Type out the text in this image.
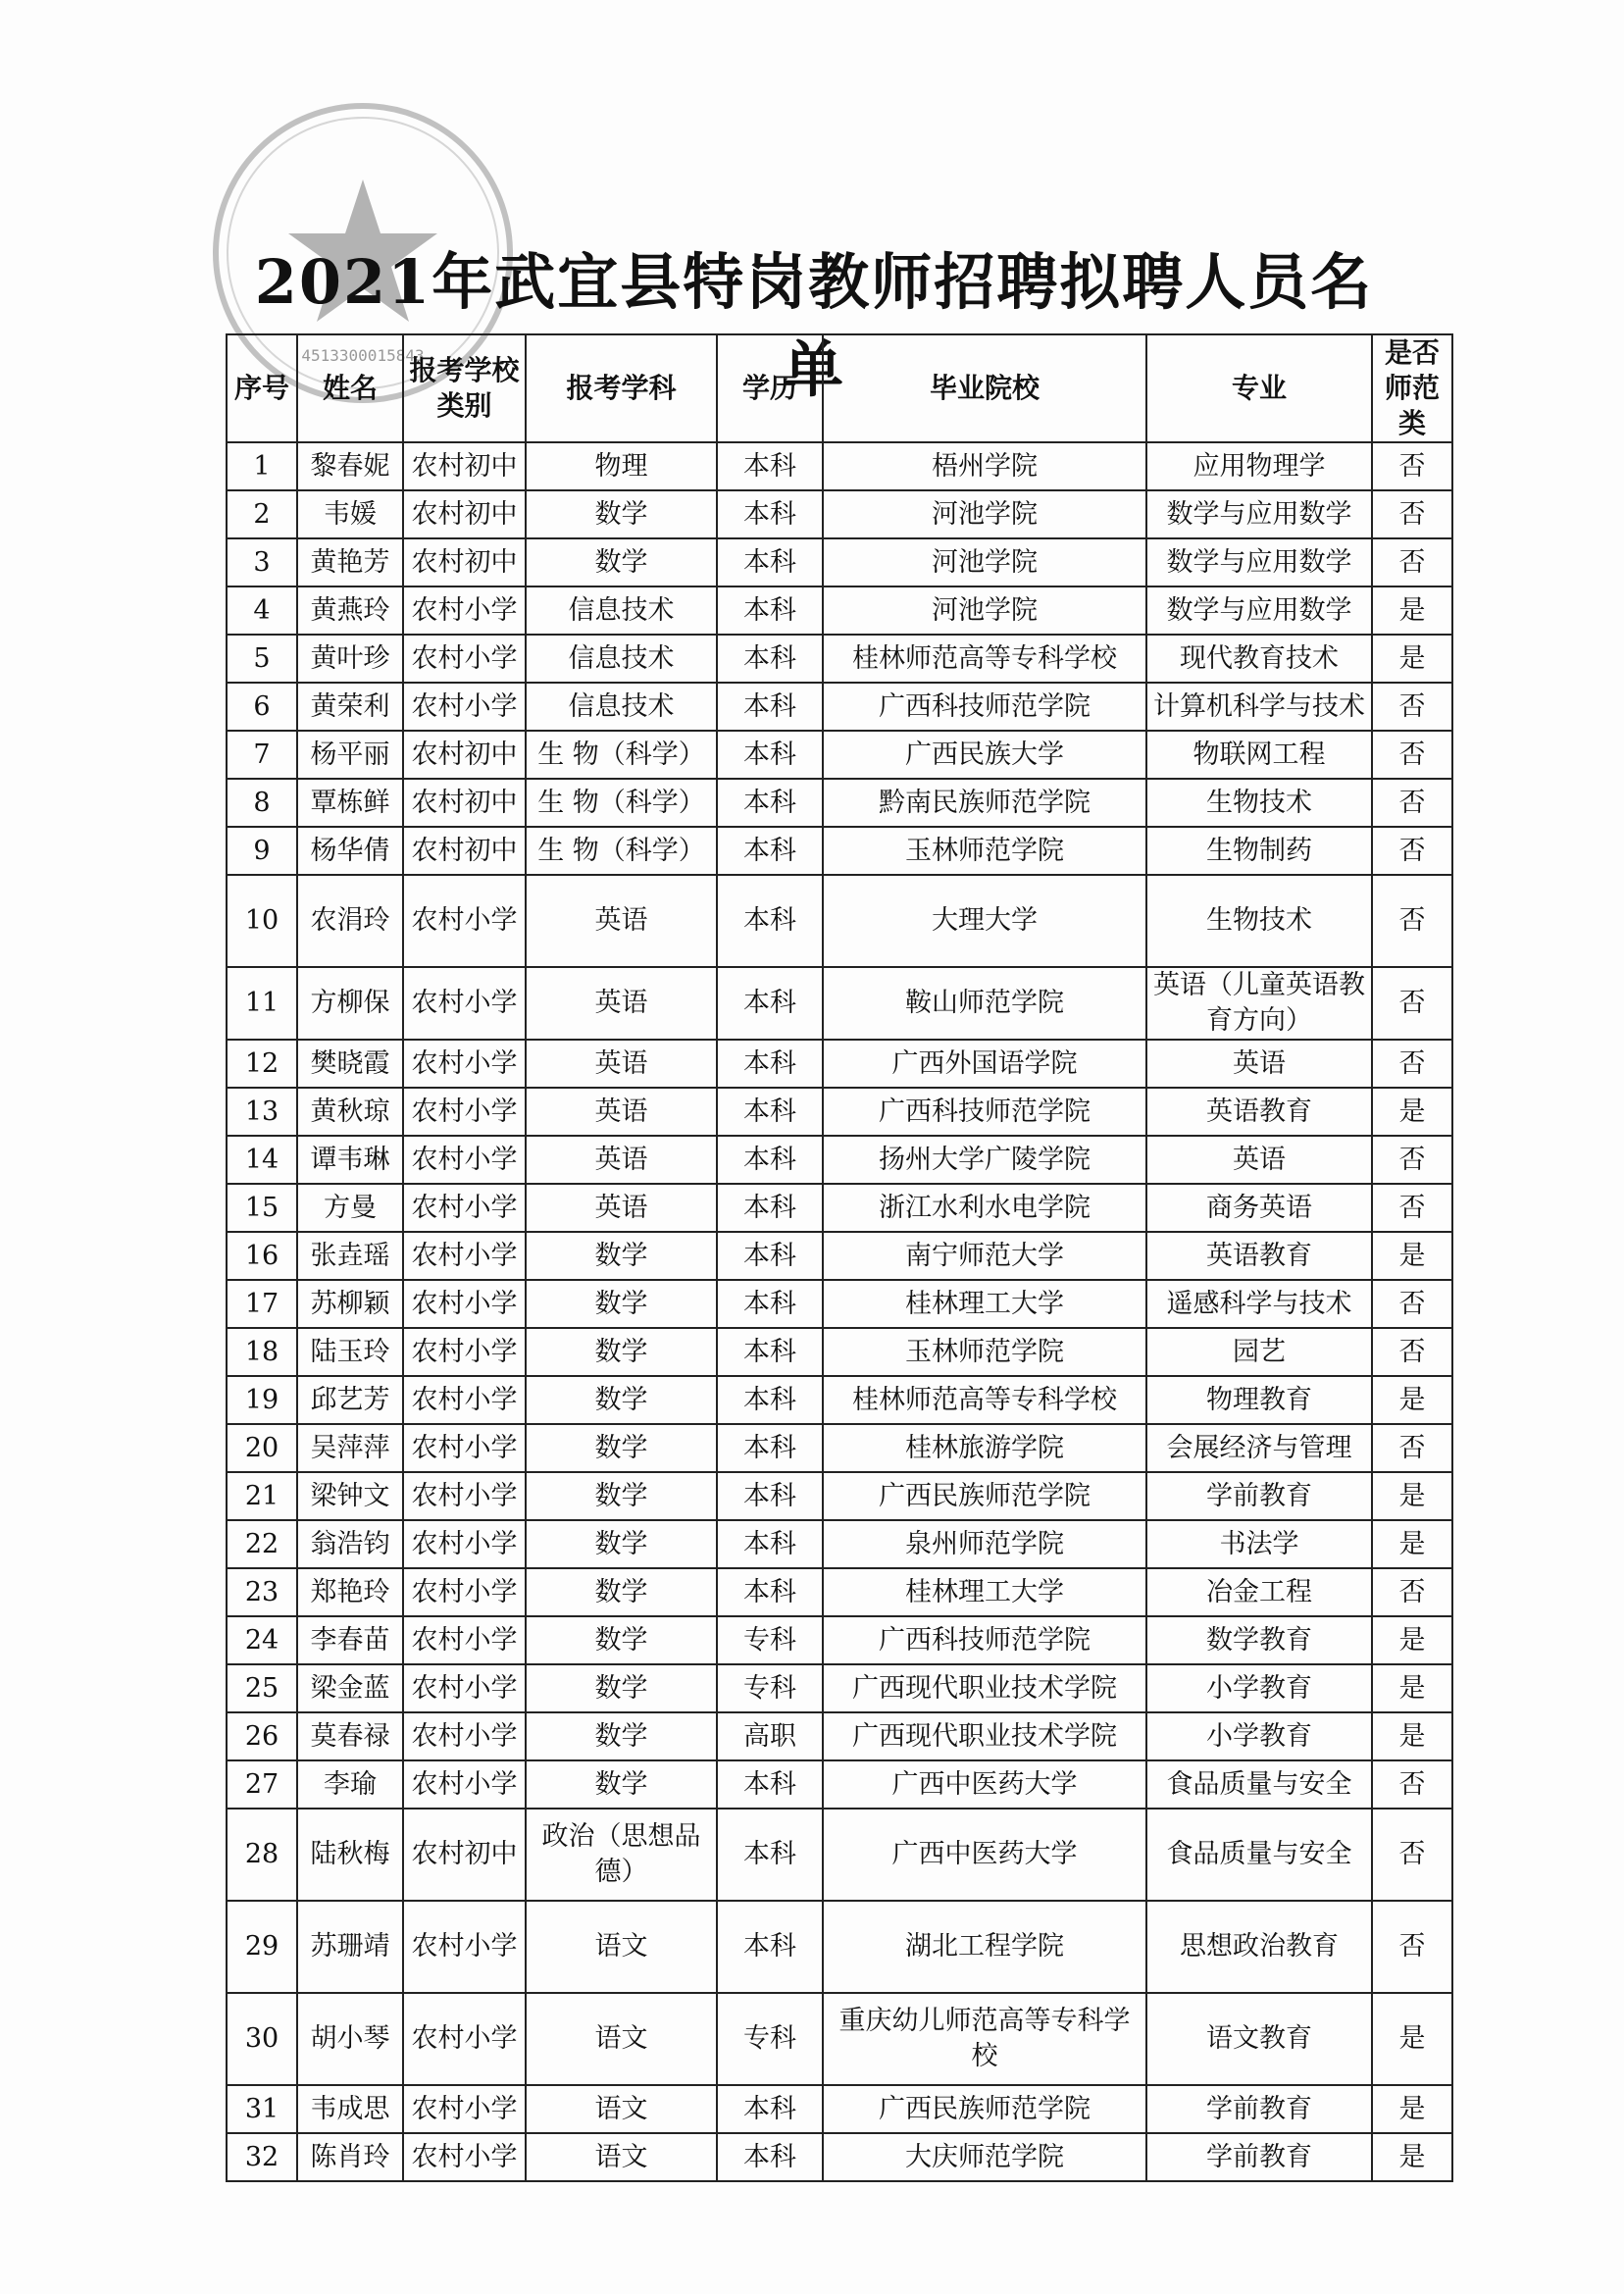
4513300015843
2021年武宜县特岗教师招聘拟聘人员名单
序号	姓名	报考学校类别	报考学科	学历	毕业院校	专业	是否师范类
1	黎春妮	农村初中	物理	本科	梧州学院	应用物理学	否
2	韦媛	农村初中	数学	本科	河池学院	数学与应用数学	否
3	黄艳芳	农村初中	数学	本科	河池学院	数学与应用数学	否
4	黄燕玲	农村小学	信息技术	本科	河池学院	数学与应用数学	是
5	黄叶珍	农村小学	信息技术	本科	桂林师范高等专科学校	现代教育技术	是
6	黄荣利	农村小学	信息技术	本科	广西科技师范学院	计算机科学与技术	否
7	杨平丽	农村初中	生 物（科学）	本科	广西民族大学	物联网工程	否
8	覃栋鲜	农村初中	生 物（科学）	本科	黔南民族师范学院	生物技术	否
9	杨华倩	农村初中	生 物（科学）	本科	玉林师范学院	生物制药	否
10	农涓玲	农村小学	英语	本科	大理大学	生物技术	否
11	方柳保	农村小学	英语	本科	鞍山师范学院	英语（儿童英语教育方向）	否
12	樊晓霞	农村小学	英语	本科	广西外国语学院	英语	否
13	黄秋琼	农村小学	英语	本科	广西科技师范学院	英语教育	是
14	谭韦琳	农村小学	英语	本科	扬州大学广陵学院	英语	否
15	方曼	农村小学	英语	本科	浙江水利水电学院	商务英语	否
16	张垚瑶	农村小学	数学	本科	南宁师范大学	英语教育	是
17	苏柳颖	农村小学	数学	本科	桂林理工大学	遥感科学与技术	否
18	陆玉玲	农村小学	数学	本科	玉林师范学院	园艺	否
19	邱艺芳	农村小学	数学	本科	桂林师范高等专科学校	物理教育	是
20	吴萍萍	农村小学	数学	本科	桂林旅游学院	会展经济与管理	否
21	梁钟文	农村小学	数学	本科	广西民族师范学院	学前教育	是
22	翁浩钧	农村小学	数学	本科	泉州师范学院	书法学	是
23	郑艳玲	农村小学	数学	本科	桂林理工大学	冶金工程	否
24	李春苗	农村小学	数学	专科	广西科技师范学院	数学教育	是
25	梁金蓝	农村小学	数学	专科	广西现代职业技术学院	小学教育	是
26	莫春禄	农村小学	数学	高职	广西现代职业技术学院	小学教育	是
27	李瑜	农村小学	数学	本科	广西中医药大学	食品质量与安全	否
28	陆秋梅	农村初中	政治（思想品德）	本科	广西中医药大学	食品质量与安全	否
29	苏珊靖	农村小学	语文	本科	湖北工程学院	思想政治教育	否
30	胡小琴	农村小学	语文	专科	重庆幼儿师范高等专科学校	语文教育	是
31	韦成思	农村小学	语文	本科	广西民族师范学院	学前教育	是
32	陈肖玲	农村小学	语文	本科	大庆师范学院	学前教育	是
